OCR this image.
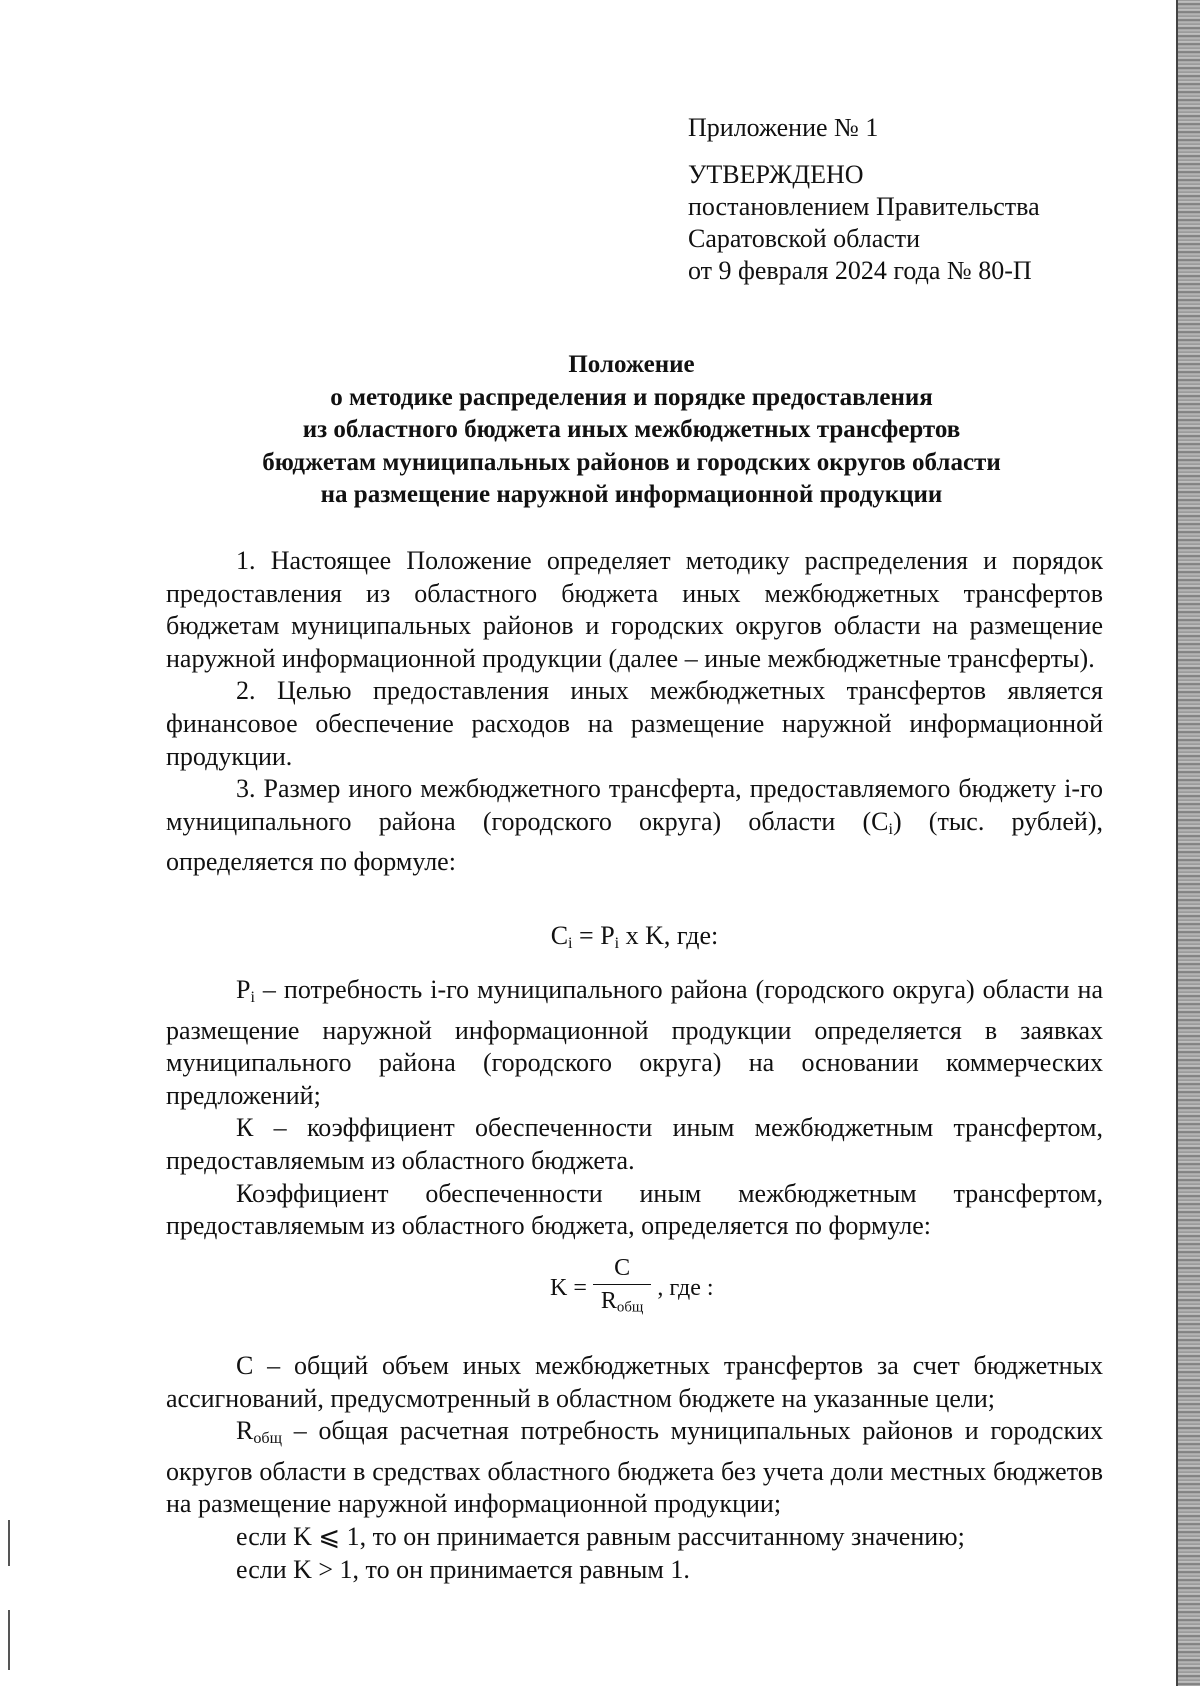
Приложение № 1
УТВЕРЖДЕНО
постановлением Правительства
Саратовской области
от 9 февраля 2024 года № 80-П
Положение
о методике распределения и порядке предоставления
из областного бюджета иных межбюджетных трансфертов
бюджетам муниципальных районов и городских округов области
на размещение наружной информационной продукции

1. Настоящее Положение определяет методику распределения и порядок предоставления из областного бюджета иных межбюджетных трансфертов бюджетам муниципальных районов и городских округов области на размещение наружной информационной продукции (далее – иные межбюджетные трансферты).

2. Целью предоставления иных межбюджетных трансфертов является финансовое обеспечение расходов на размещение наружной информационной продукции.

3. Размер иного межбюджетного трансферта, предоставляемого бюджету i-го муниципального района (городского округа) области $(C_i)$ (тыс. рублей), определяется по формуле:

$C_i = P_i$ x K, где:

$P_i$ – потребность i-го муниципального района (городского округа) области на размещение наружной информационной продукции определяется в заявках муниципального района (городского округа) на основании коммерческих предложений;

К – коэффициент обеспеченности иным межбюджетным трансфертом, предоставляемым из областного бюджета.

Коэффициент обеспеченности иным межбюджетным трансфертом, предоставляемым из областного бюджета, определяется по формуле:

$K = \frac{C}{R_{общ}}$ , где :

C – общий объем иных межбюджетных трансфертов за счет бюджетных ассигнований, предусмотренный в областном бюджете на указанные цели;

$R_{общ}$ – общая расчетная потребность муниципальных районов и городских округов области в средствах областного бюджета без учета доли местных бюджетов на размещение наружной информационной продукции;

если K ⩽ 1, то он принимается равным рассчитанному значению;

если K > 1, то он принимается равным 1.
